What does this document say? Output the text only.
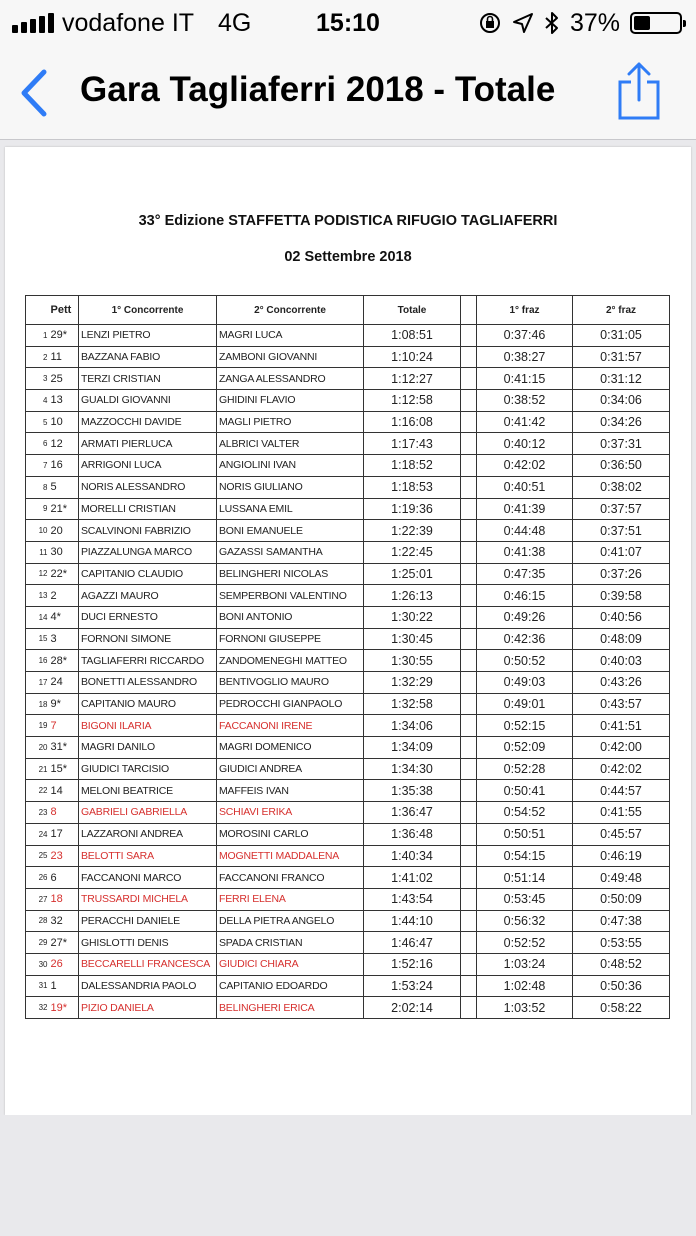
vodafone IT 4G	15:10	37%
Gara Tagliaferri 2018 - Totale
33° Edizione STAFFETTA PODISTICA RIFUGIO TAGLIAFERRI
02 Settembre 2018
	Pett	1° Concorrente	2° Concorrente	Totale		1° fraz	2° fraz
1	29*	LENZI PIETRO	MAGRI LUCA	1:08:51		0:37:46	0:31:05
2	11	BAZZANA FABIO	ZAMBONI GIOVANNI	1:10:24		0:38:27	0:31:57
3	25	TERZI CRISTIAN	ZANGA ALESSANDRO	1:12:27		0:41:15	0:31:12
4	13	GUALDI GIOVANNI	GHIDINI FLAVIO	1:12:58		0:38:52	0:34:06
5	10	MAZZOCCHI DAVIDE	MAGLI PIETRO	1:16:08		0:41:42	0:34:26
6	12	ARMATI PIERLUCA	ALBRICI VALTER	1:17:43		0:40:12	0:37:31
7	16	ARRIGONI LUCA	ANGIOLINI IVAN	1:18:52		0:42:02	0:36:50
8	5	NORIS ALESSANDRO	NORIS GIULIANO	1:18:53		0:40:51	0:38:02
9	21*	MORELLI CRISTIAN	LUSSANA EMIL	1:19:36		0:41:39	0:37:57
10	20	SCALVINONI FABRIZIO	BONI EMANUELE	1:22:39		0:44:48	0:37:51
11	30	PIAZZALUNGA MARCO	GAZASSI SAMANTHA	1:22:45		0:41:38	0:41:07
12	22*	CAPITANIO CLAUDIO	BELINGHERI NICOLAS	1:25:01		0:47:35	0:37:26
13	2	AGAZZI MAURO	SEMPERBONI VALENTINO	1:26:13		0:46:15	0:39:58
14	4*	DUCI ERNESTO	BONI ANTONIO	1:30:22		0:49:26	0:40:56
15	3	FORNONI SIMONE	FORNONI GIUSEPPE	1:30:45		0:42:36	0:48:09
16	28*	TAGLIAFERRI RICCARDO	ZANDOMENEGHI MATTEO	1:30:55		0:50:52	0:40:03
17	24	BONETTI ALESSANDRO	BENTIVOGLIO MAURO	1:32:29		0:49:03	0:43:26
18	9*	CAPITANIO MAURO	PEDROCCHI GIANPAOLO	1:32:58		0:49:01	0:43:57
19	7	BIGONI ILARIA	FACCANONI IRENE	1:34:06		0:52:15	0:41:51
20	31*	MAGRI DANILO	MAGRI DOMENICO	1:34:09		0:52:09	0:42:00
21	15*	GIUDICI TARCISIO	GIUDICI ANDREA	1:34:30		0:52:28	0:42:02
22	14	MELONI BEATRICE	MAFFEIS IVAN	1:35:38		0:50:41	0:44:57
23	8	GABRIELI GABRIELLA	SCHIAVI ERIKA	1:36:47		0:54:52	0:41:55
24	17	LAZZARONI ANDREA	MOROSINI CARLO	1:36:48		0:50:51	0:45:57
25	23	BELOTTI SARA	MOGNETTI MADDALENA	1:40:34		0:54:15	0:46:19
26	6	FACCANONI MARCO	FACCANONI FRANCO	1:41:02		0:51:14	0:49:48
27	18	TRUSSARDI MICHELA	FERRI ELENA	1:43:54		0:53:45	0:50:09
28	32	PERACCHI DANIELE	DELLA PIETRA ANGELO	1:44:10		0:56:32	0:47:38
29	27*	GHISLOTTI DENIS	SPADA CRISTIAN	1:46:47		0:52:52	0:53:55
30	26	BECCARELLI FRANCESCA	GIUDICI CHIARA	1:52:16		1:03:24	0:48:52
31	1	DALESSANDRIA PAOLO	CAPITANIO EDOARDO	1:53:24		1:02:48	0:50:36
32	19*	PIZIO DANIELA	BELINGHERI ERICA	2:02:14		1:03:52	0:58:22
